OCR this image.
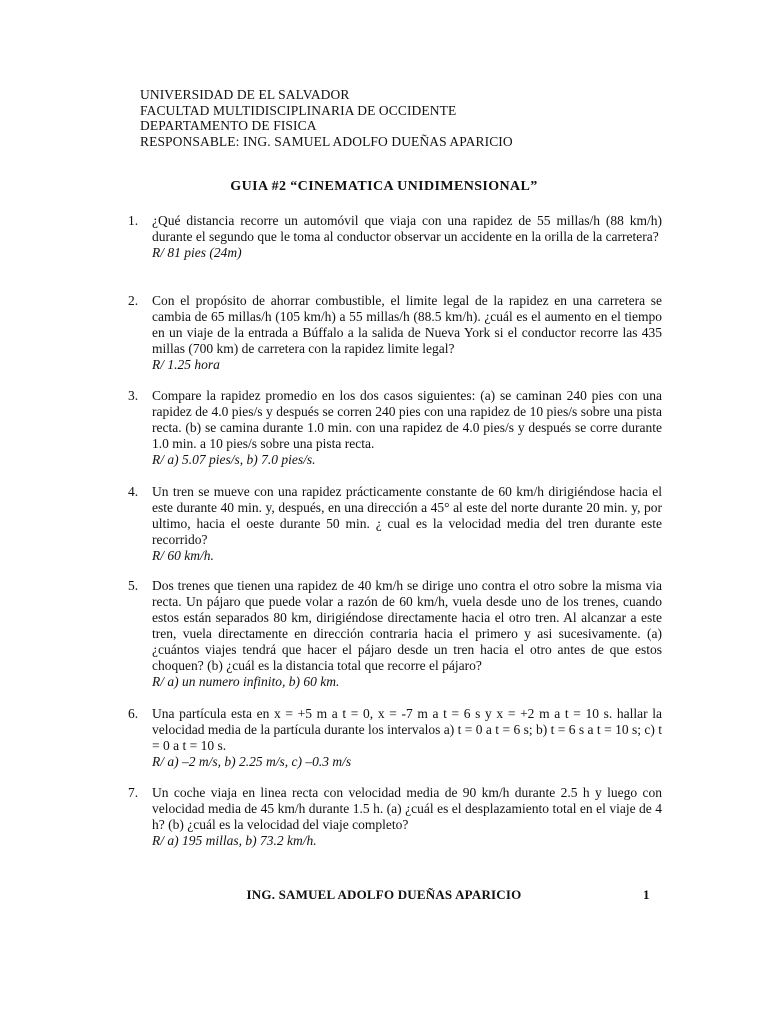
UNIVERSIDAD DE EL SALVADOR
FACULTAD MULTIDISCIPLINARIA DE OCCIDENTE
DEPARTAMENTO DE FISICA
RESPONSABLE: ING. SAMUEL ADOLFO DUEÑAS APARICIO
GUIA #2 “CINEMATICA UNIDIMENSIONAL”
1. ¿Qué distancia recorre un automóvil que viaja con una rapidez de 55 millas/h (88 km/h) durante el segundo que le toma al conductor observar un accidente en la orilla de la carretera?

R/ 81 pies (24m)

2. Con el propósito de ahorrar combustible, el limite legal de la rapidez en una carretera se cambia de 65 millas/h (105 km/h) a 55 millas/h (88.5 km/h). ¿cuál es el aumento en el tiempo en un viaje de la entrada a Búffalo a la salida de Nueva York si el conductor recorre las 435 millas (700 km) de carretera con la rapidez limite legal?

R/ 1.25 hora

3. Compare la rapidez promedio en los dos casos siguientes: (a) se caminan 240 pies con una rapidez de 4.0 pies/s y después se corren 240 pies con una rapidez de 10 pies/s sobre una pista recta. (b) se camina durante 1.0 min. con una rapidez de 4.0 pies/s y después se corre durante 1.0 min. a 10 pies/s sobre una pista recta.

R/ a) 5.07 pies/s, b) 7.0 pies/s.

4. Un tren se mueve con una rapidez prácticamente constante de 60 km/h dirigiéndose hacia el este durante 40 min. y, después, en una dirección a 45° al este del norte durante 20 min. y, por ultimo, hacia el oeste durante 50 min. ¿ cual es la velocidad media del tren durante este recorrido?

R/ 60 km/h.

5. Dos trenes que tienen una rapidez de 40 km/h se dirige uno contra el otro sobre la misma via recta. Un pájaro que puede volar a razón de 60 km/h, vuela desde uno de los trenes, cuando estos están separados 80 km, dirigiéndose directamente hacia el otro tren. Al alcanzar a este tren, vuela directamente en dirección contraria hacia el primero y asi sucesivamente. (a) ¿cuántos viajes tendrá que hacer el pájaro desde un tren hacia el otro antes de que estos choquen? (b) ¿cuál es la distancia total que recorre el pájaro?

R/ a) un numero infinito, b) 60 km.

6. Una partícula esta en x = +5 m a t = 0, x = -7 m a t = 6 s y x = +2 m a t = 10 s. hallar la velocidad media de la partícula durante los intervalos a) t = 0 a t = 6 s; b) t = 6 s a t = 10 s; c) t = 0 a t = 10 s.

R/ a) –2 m/s, b) 2.25 m/s, c) –0.3 m/s

7. Un coche viaja en linea recta con velocidad media de 90 km/h durante 2.5 h y luego con velocidad media de 45 km/h durante 1.5 h. (a) ¿cuál es el desplazamiento total en el viaje de 4 h? (b) ¿cuál es la velocidad del viaje completo?

R/ a) 195 millas, b) 73.2 km/h.

ING. SAMUEL ADOLFO DUEÑAS APARICIO	1
